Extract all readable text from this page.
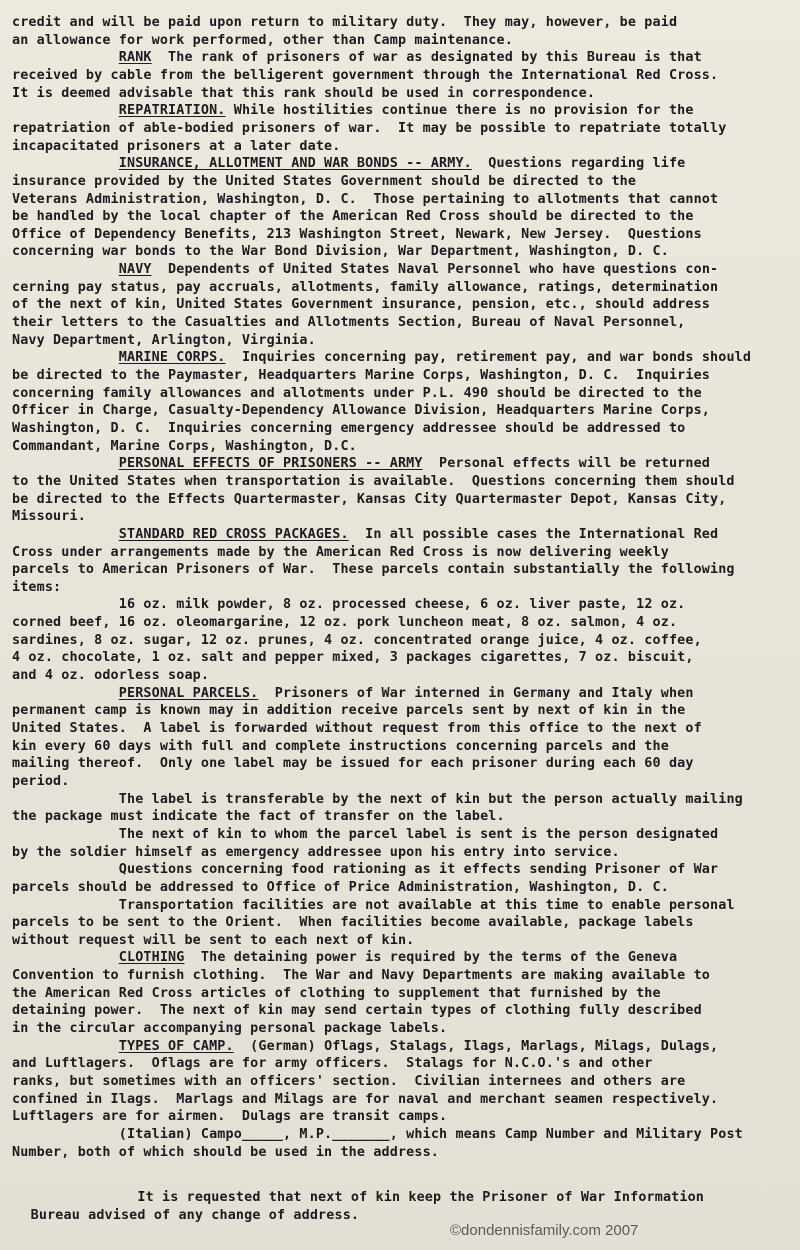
credit and will be paid upon return to military duty.  They may, however, be paid
an allowance for work performed, other than Camp maintenance.
RANK  The rank of prisoners of war as designated by this Bureau is that
received by cable from the belligerent government through the International Red Cross.
It is deemed advisable that this rank should be used in correspondence.
REPATRIATION. While hostilities continue there is no provision for the
repatriation of able-bodied prisoners of war.  It may be possible to repatriate totally
incapacitated prisoners at a later date.
INSURANCE, ALLOTMENT AND WAR BONDS -- ARMY.  Questions regarding life
insurance provided by the United States Government should be directed to the
Veterans Administration, Washington, D. C.  Those pertaining to allotments that cannot
be handled by the local chapter of the American Red Cross should be directed to the
Office of Dependency Benefits, 213 Washington Street, Newark, New Jersey.  Questions
concerning war bonds to the War Bond Division, War Department, Washington, D. C.
NAVY  Dependents of United States Naval Personnel who have questions con-
cerning pay status, pay accruals, allotments, family allowance, ratings, determination
of the next of kin, United States Government insurance, pension, etc., should address
their letters to the Casualties and Allotments Section, Bureau of Naval Personnel,
Navy Department, Arlington, Virginia.
MARINE CORPS.  Inquiries concerning pay, retirement pay, and war bonds should
be directed to the Paymaster, Headquarters Marine Corps, Washington, D. C.  Inquiries
concerning family allowances and allotments under P.L. 490 should be directed to the
Officer in Charge, Casualty-Dependency Allowance Division, Headquarters Marine Corps,
Washington, D. C.  Inquiries concerning emergency addressee should be addressed to
Commandant, Marine Corps, Washington, D.C.
PERSONAL EFFECTS OF PRISONERS -- ARMY  Personal effects will be returned
to the United States when transportation is available.  Questions concerning them should
be directed to the Effects Quartermaster, Kansas City Quartermaster Depot, Kansas City,
Missouri.
STANDARD RED CROSS PACKAGES.  In all possible cases the International Red
Cross under arrangements made by the American Red Cross is now delivering weekly
parcels to American Prisoners of War.  These parcels contain substantially the following
items:
16 oz. milk powder, 8 oz. processed cheese, 6 oz. liver paste, 12 oz.
corned beef, 16 oz. oleomargarine, 12 oz. pork luncheon meat, 8 oz. salmon, 4 oz.
sardines, 8 oz. sugar, 12 oz. prunes, 4 oz. concentrated orange juice, 4 oz. coffee,
4 oz. chocolate, 1 oz. salt and pepper mixed, 3 packages cigarettes, 7 oz. biscuit,
and 4 oz. odorless soap.
PERSONAL PARCELS.  Prisoners of War interned in Germany and Italy when
permanent camp is known may in addition receive parcels sent by next of kin in the
United States.  A label is forwarded without request from this office to the next of
kin every 60 days with full and complete instructions concerning parcels and the
mailing thereof.  Only one label may be issued for each prisoner during each 60 day
period.
The label is transferable by the next of kin but the person actually mailing
the package must indicate the fact of transfer on the label.
The next of kin to whom the parcel label is sent is the person designated
by the soldier himself as emergency addressee upon his entry into service.
Questions concerning food rationing as it effects sending Prisoner of War
parcels should be addressed to Office of Price Administration, Washington, D. C.
Transportation facilities are not available at this time to enable personal
parcels to be sent to the Orient.  When facilities become available, package labels
without request will be sent to each next of kin.
CLOTHING  The detaining power is required by the terms of the Geneva
Convention to furnish clothing.  The War and Navy Departments are making available to
the American Red Cross articles of clothing to supplement that furnished by the
detaining power.  The next of kin may send certain types of clothing fully described
in the circular accompanying personal package labels.
TYPES OF CAMP.  (German) Oflags, Stalags, Ilags, Marlags, Milags, Dulags,
and Luftlagers.  Oflags are for army officers.  Stalags for N.C.O.'s and other
ranks, but sometimes with an officers' section.  Civilian internees and others are
confined in Ilags.  Marlags and Milags are for naval and merchant seamen respectively.
Luftlagers are for airmen.  Dulags are transit camps.
(Italian) Campo_____, M.P._______, which means Camp Number and Military Post
Number, both of which should be used in the address.
It is requested that next of kin keep the Prisoner of War Information
Bureau advised of any change of address.
©dondennisfamily.com 2007
